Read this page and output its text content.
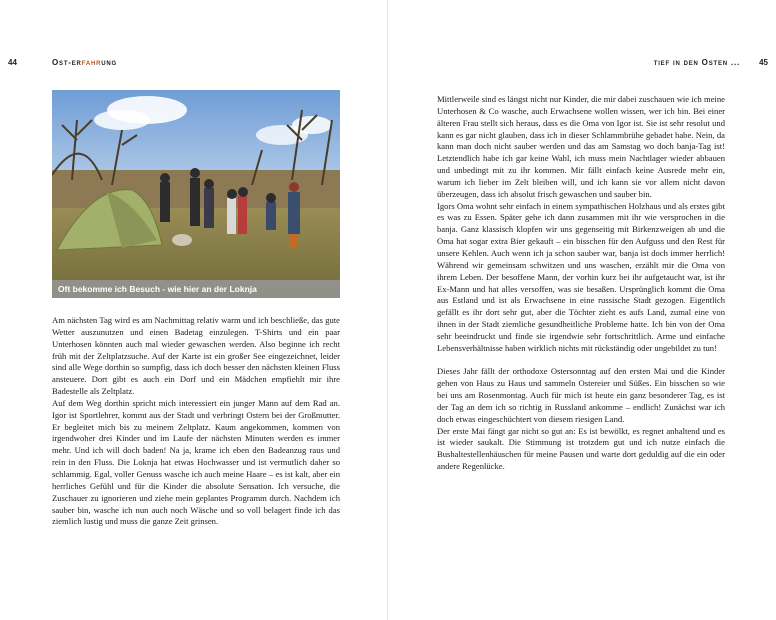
44	Ost-erfahrung	tief in den Osten ... 45
Oft bekomme ich Besuch - wie hier an der Loknja

Am nächsten Tag wird es am Nachmittag relativ warm und ich beschließe, das gute Wetter auszunutzen und einen Badetag einzulegen. T-Shirts und ein paar Unterhosen könnten auch mal wieder gewaschen werden. Also beginne ich recht früh mit der Zeltplatzsuche. Auf der Karte ist ein großer See eingezeichnet, leider sind alle Wege dorthin so sumpfig, dass ich doch besser den nächsten kleinen Fluss ansteuere. Dort gibt es auch ein Dorf und ein Mädchen empfiehlt mir ihre Badestelle als Zeltplatz.

Auf dem Weg dorthin spricht mich interessiert ein junger Mann auf dem Rad an. Igor ist Sportlehrer, kommt aus der Stadt und verbringt Ostern bei der Großmutter. Er begleitet mich bis zu meinem Zeltplatz. Kaum angekommen, kommen von irgendwoher drei Kinder und im Laufe der nächsten Minuten werden es immer mehr. Und ich will doch baden! Na ja, krame ich eben den Badeanzug raus und rein in den Fluss. Die Loknja hat etwas Hochwasser und ist vermutlich daher so schlammig. Egal, voller Genuss wasche ich auch meine Haare – es ist kalt, aber ein herrliches Gefühl und für die Kinder die absolute Sensation. Ich versuche, die Zuschauer zu ignorieren und ziehe mein geplantes Programm durch. Nachdem ich sauber bin, wasche ich nun auch noch Wäsche und so voll belagert finde ich das ziemlich lustig und muss die ganze Zeit grinsen.

Mittlerweile sind es längst nicht nur Kinder, die mir dabei zuschauen wie ich meine Unterhosen & Co wasche, auch Erwachsene wollen wissen, wer ich bin. Bei einer älteren Frau stellt sich heraus, dass es die Oma von Igor ist. Sie ist sehr resolut und kann es gar nicht glauben, dass ich in dieser Schlammbrühe gebadet habe. Nein, da kann man doch nicht sauber werden und das am Samstag wo doch banja-Tag ist! Letztendlich habe ich gar keine Wahl, ich muss mein Nachtlager wieder abbauen und unbedingt mit zu ihr kommen. Mir fällt einfach keine Ausrede mehr ein, warum ich lieber im Zelt bleiben will, und ich kann sie vor allem nicht davon überzeugen, dass ich absolut frisch gewaschen und sauber bin.

Igors Oma wohnt sehr einfach in einem sympathischen Holzhaus und als erstes gibt es was zu Essen. Später gehe ich dann zusammen mit ihr wie versprochen in die banja. Ganz klassisch klopfen wir uns gegenseitig mit Birkenzweigen ab und die Oma hat sogar extra Bier gekauft – ein bisschen für den Aufguss und den Rest für unsere Kehlen. Auch wenn ich ja schon sauber war, banja ist doch immer herrlich! Während wir gemeinsam schwitzen und uns waschen, erzählt mir die Oma von ihrem Leben. Der besoffene Mann, der vorhin kurz bei ihr aufgetaucht war, ist ihr Ex-Mann und hat alles versoffen, was sie besaßen. Ursprünglich kommt die Oma aus Estland und ist als Erwachsene in eine russische Stadt gezogen. Eigentlich gefällt es ihr dort sehr gut, aber die Töchter zieht es aufs Land, zumal eine von ihnen in der Stadt ziemliche gesundheitliche Probleme hatte. Ich bin von der Oma sehr beeindruckt und finde sie irgendwie sehr fortschrittlich. Arme und einfache Lebensverhältnisse haben wirklich nichts mit rückständig oder ungebildet zu tun!

Dieses Jahr fällt der orthodoxe Ostersonntag auf den ersten Mai und die Kinder gehen von Haus zu Haus und sammeln Ostereier und Süßes. Ein bisschen so wie bei uns am Rosenmontag. Auch für mich ist heute ein ganz besonderer Tag, es ist der Tag an dem ich so richtig in Russland ankomme – endlich! Zunächst war ich doch etwas eingeschüchtert von diesem riesigen Land.

Der erste Mai fängt gar nicht so gut an: Es ist bewölkt, es regnet anhaltend und es ist wieder saukalt. Die Stimmung ist trotzdem gut und ich nutze einfach die Bushaltestellenhäuschen für meine Pausen und warte dort geduldig auf die ein oder andere Regenlücke.
